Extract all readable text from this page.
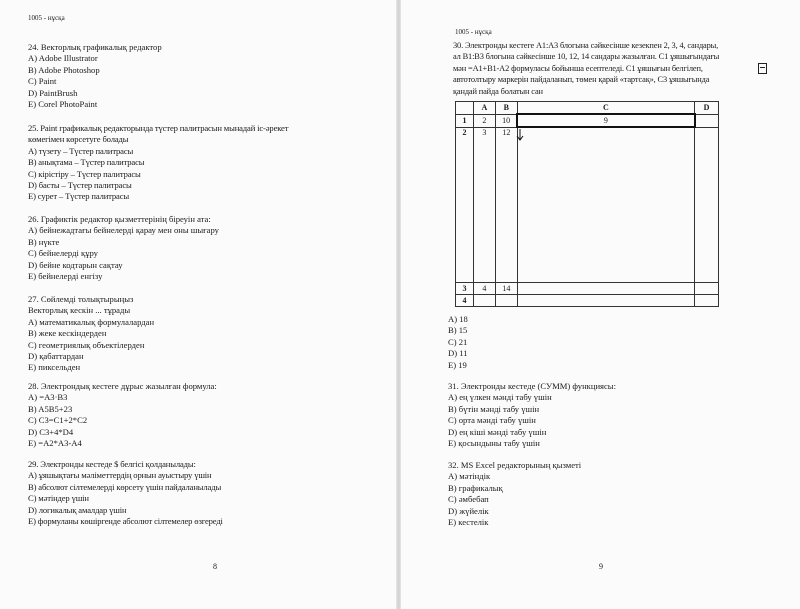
1005 - нұсқа
24. Векторлық графикалық редактор
A) Adobe Illustrator
B) Adobe Photoshop
C) Paint
D) PaintBrush
E) Corel PhotoPaint
25. Paint графикалық редакторында түстер палитрасын мынадай іс-әрекет
көмегімен көрсетуге болады
A) түзету – Түстер палитрасы
B) анықтама – Түстер палитрасы
C) кірістіру – Түстер палитрасы
D) басты – Түстер палитрасы
E) сурет – Түстер палитрасы
26. Графиктік редактор қызметтерінің біреуін ата:
A) бейнежадтағы бейнелерді қарау мен оны шығару
B) нүкте
C) бейнелерді құру
D) бейне кодтарын сақтау
E) бейнелерді енгізу
27. Сөйлемді толықтырыңыз
Векторлық кескін ... тұрады
A) математикалық формулалардан
B) жеке кескіндерден
C) геометриялық объектілерден
D) қабаттардан
E) пиксельден
28. Электрондық кестеге дұрыс жазылған формула:
A) =A3·B3
B) A5B5+23
C) C3=C1+2*C2
D) C3+4*D4
E) =A2*A3-A4
29. Электронды кестеде $ белгісі қолданылады:
A) ұяшықтағы мәліметтердің орнын ауыстыру үшін
B) абсолют сілтемелерді көрсету үшін пайдаланылады
C) мәтіндер үшін
D) логикалық амалдар үшін
E) формуланы көшіргенде абсолют сілтемелер өзгереді
8
1005 - нұсқа
30. Электронды кестеге A1:A3 блогына сәйкесінше кезекпен 2, 3, 4, сандары,
ал B1:B3 блогына сәйкесінше 10, 12, 14 сандары жазылған. C1 ұяшығындағы
мән =A1+B1-A2 формуласы бойынша есептеледі. C1 ұяшығын белгілеп,
автотолтыру маркерін пайдаланып, төмен қарай «тартсақ», C3 ұяшығында
қандай пайда болатын сан
	A	B	C	D
1	2	10	9	
2	3	12	

3	4	14		
4				
A) 18
B) 15
C) 21
D) 11
E) 19
31. Электронды кестеде (СУММ) функциясы:
A) ең үлкен мәнді табу үшін
B) бүтін мәнді табу үшін
C) орта мәнді табу үшін
D) ең кіші мәнді табу үшін
E) қосындыны табу үшін
32. MS Excel редакторының қызметі
A) мәтіндік
B) графикалық
C) әмбебап
D) жүйелік
E) кестелік
9
